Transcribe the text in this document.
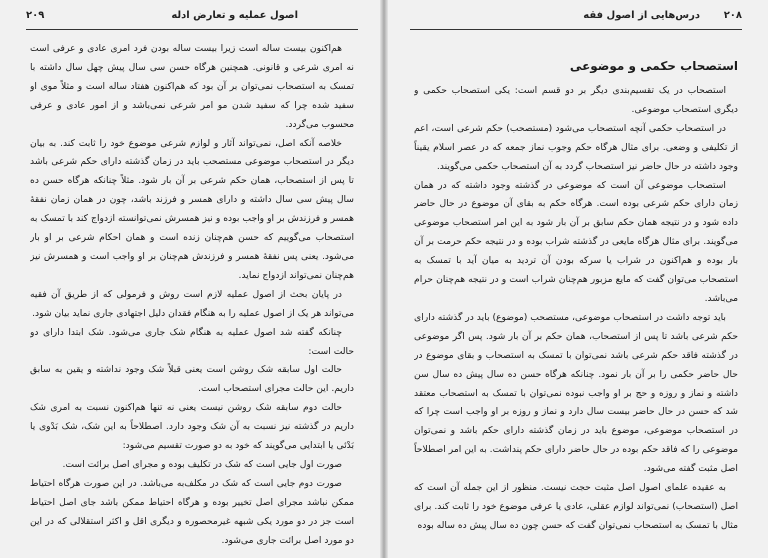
اصول عملیه و تعارض ادله
۲۰۹

هم‌اکنون بیست ساله است زیرا بیست ساله بودن فرد امری عادی و عرفی است نه امری شرعی و قانونی. همچنین هرگاه حسن سی سال پیش چهل سال داشته با تمسک به استصحاب نمی‌توان بر آن بود که هم‌اکنون هفتاد ساله است و مثلاً موی او سفید شده چرا که سفید شدن مو امر شرعی نمی‌باشد و از امور عادی و عرفی محسوب می‌گردد.

خلاصه آنکه اصل، نمی‌تواند آثار و لوازم شرعی موضوع خود را ثابت کند. به بیان دیگر در استصحاب موضوعی مستصحب باید در زمان گذشته دارای حکم شرعی باشد تا پس از استصحاب، همان حکم شرعی بر آن بار شود. مثلاً چنانکه هرگاه حسن ده سال پیش سی سال داشته و دارای همسر و فرزند باشد، چون در همان زمان نفقهٔ همسر و فرزندش بر او واجب بوده و نیز همسرش نمی‌توانسته ازدواج کند با تمسک به استصحاب می‌گوییم که حسن هم‌چنان زنده است و همان احکام شرعی بر او بار می‌شود. یعنی پس نفقهٔ همسر و فرزندش هم‌چنان بر او واجب است و همسرش نیز هم‌چنان نمی‌تواند ازدواج نماید.

در پایان بحث از اصول عملیه لازم است روش و فرمولی که از طریق آن فقیه می‌تواند هر یک از اصول عملیه را به هنگام فقدان دلیل اجتهادی جاری نماید بیان شود.

چنانکه گفته شد اصول عملیه به هنگام شک جاری می‌شود. شک ابتدا دارای دو حالت است:

حالت اول سابقه شک روشن است یعنی قبلاً شک وجود نداشته و یقین به سابق داریم. این حالت مجرای استصحاب است.

حالت دوم سابقه شک روشن نیست یعنی نه تنها هم‌اکنون نسبت به امری شک داریم در گذشته نیز نسبت به آن شک وجود دارد. اصطلاحاً به این شک، شک بَدْوی یا بَدْئی یا ابتدایی می‌گویند که خود به دو صورت تقسیم می‌شود:

صورت اول جایی است که شک در تکلیف بوده و مجرای اصل برائت است.

صورت دوم جایی است که شک در مکلف‌به می‌باشد. در این صورت هرگاه احتیاط ممکن نباشد مجرای اصل تخییر بوده و هرگاه احتیاط ممکن باشد جای اصل احتیاط است جز در دو مورد یکی شبهه غیرمحصوره و دیگری اقل و اکثر استقلالی که در این دو مورد اصل برائت جاری می‌شود.

۲۰۸
درس‌هایی از اصول فقه
استصحاب حکمی و موضوعی

استصحاب در یک تقسیم‌بندی دیگر بر دو قسم است: یکی استصحاب حکمی و دیگری استصحاب موضوعی.

در استصحاب حکمی آنچه استصحاب می‌شود (مستصحب) حکم شرعی است، اعم از تکلیفی و وضعی. برای مثال هرگاه حکم وجوب نماز جمعه که در عصر اسلام یقیناً وجود داشته در حال حاضر نیز استصحاب گردد به آن استصحاب حکمی می‌گویند.

استصحاب موضوعی آن است که موضوعی در گذشته وجود داشته که در همان زمان دارای حکم شرعی بوده است. هرگاه حکم به بقای آن موضوع در حال حاضر داده شود و در نتیجه همان حکم سابق بر آن بار شود به این امر استصحاب موضوعی می‌گویند. برای مثال هرگاه مایعی در گذشته شراب بوده و در نتیجه حکم حرمت بر آن بار بوده و هم‌اکنون در شراب یا سرکه بودن آن تردید به میان آید با تمسک به استصحاب می‌توان گفت که مایع مزبور هم‌چنان شراب است و در نتیجه هم‌چنان حرام می‌باشد.

باید توجه داشت در استصحاب موضوعی، مستصحب (موضوع) باید در گذشته دارای حکم شرعی باشد تا پس از استصحاب، همان حکم بر آن بار شود. پس اگر موضوعی در گذشته فاقد حکم شرعی باشد نمی‌توان با تمسک به استصحاب و بقای موضوع در حال حاضر حکمی را بر آن بار نمود. چنانکه هرگاه حسن ده سال پیش ده سال سن داشته و نماز و روزه و حج بر او واجب نبوده نمی‌توان با تمسک به استصحاب معتقد شد که حسن در حال حاضر بیست سال دارد و نماز و روزه بر او واجب است چرا که در استصحاب موضوعی، موضوع باید در زمان گذشته دارای حکم باشد و نمی‌توان موضوعی را که فاقد حکم بوده در حال حاضر دارای حکم پنداشت. به این امر اصطلاحاً اصل مثبت گفته می‌شود.

به عقیده علمای اصول اصل مثبت حجت نیست. منظور از این جمله آن است که اصل (استصحاب) نمی‌تواند لوازم عقلی، عادی یا عرفی موضوع خود را ثابت کند. برای مثال با تمسک به استصحاب نمی‌توان گفت که حسن چون ده سال پیش ده ساله بوده
